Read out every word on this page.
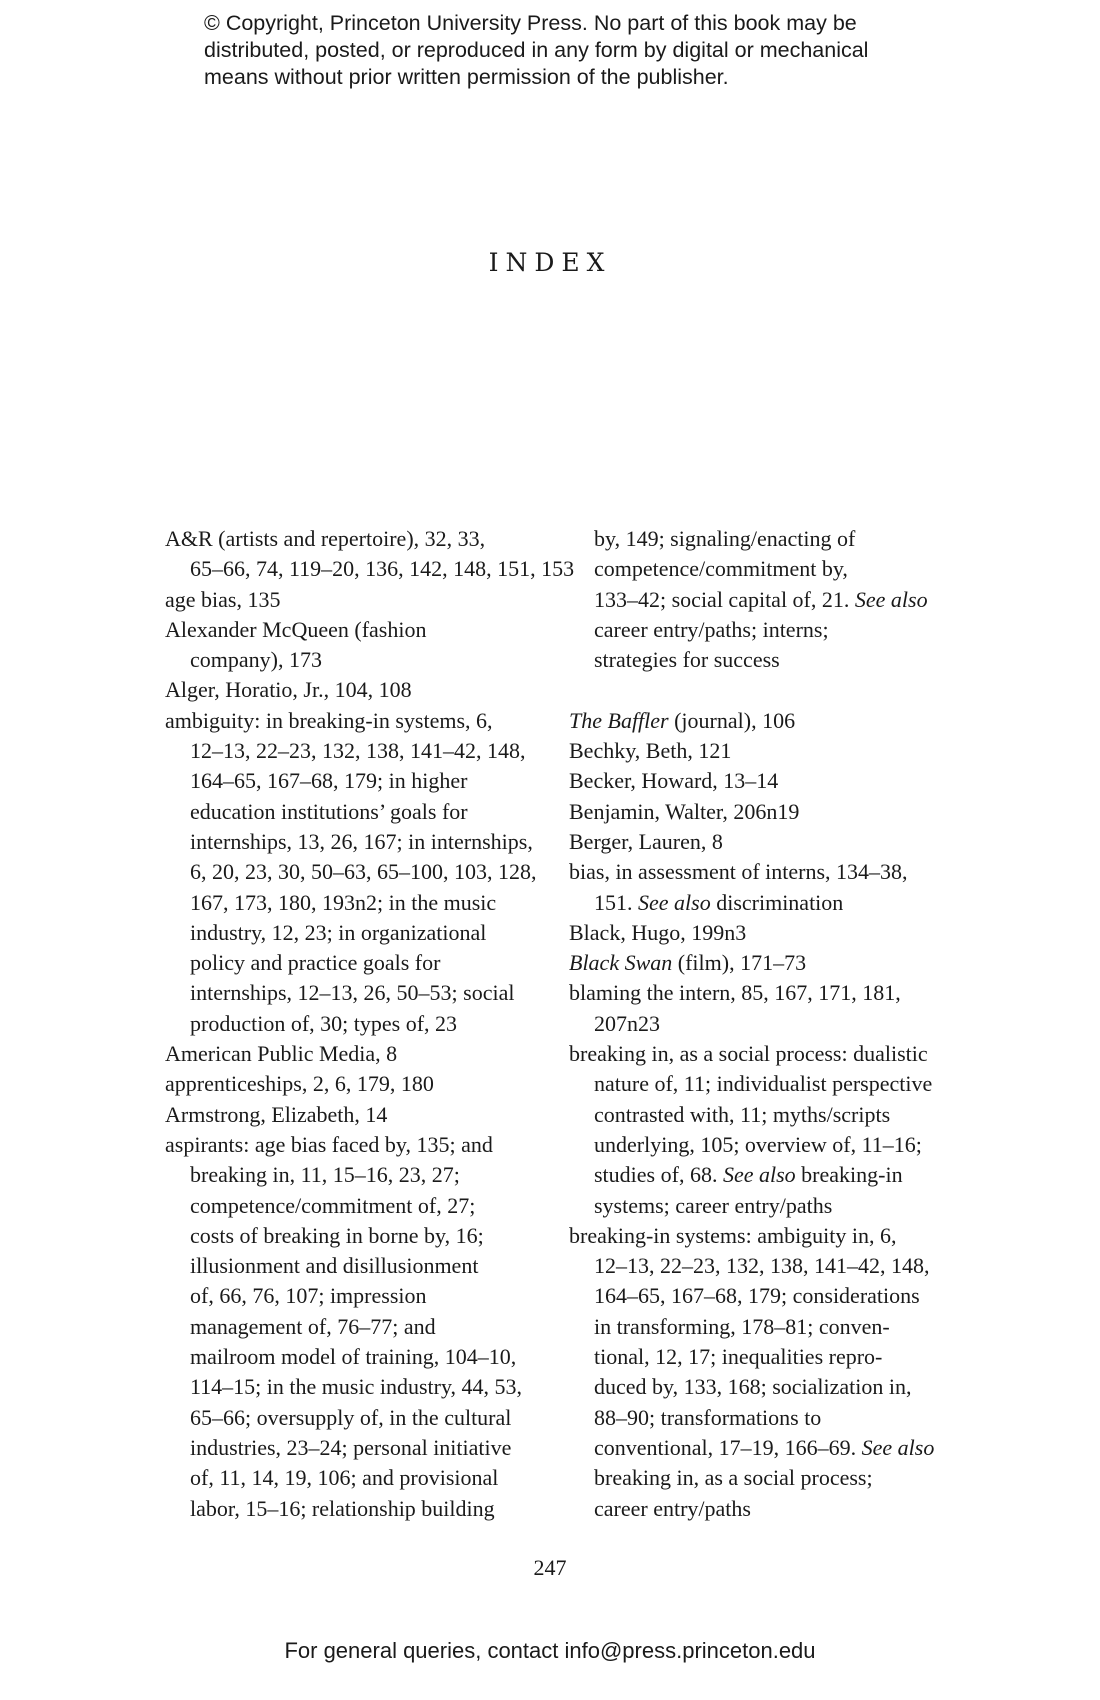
© Copyright, Princeton University Press. No part of this book may be
distributed, posted, or reproduced in any form by digital or mechanical
means without prior written permission of the publisher.
INDEX
A&R (artists and repertoire), 32, 33,
65–66, 74, 119–20, 136, 142, 148, 151, 153
age bias, 135
Alexander McQueen (fashion
company), 173
Alger, Horatio, Jr., 104, 108
ambiguity: in breaking-in systems, 6,
12–13, 22–23, 132, 138, 141–42, 148,
164–65, 167–68, 179; in higher
education institutions’ goals for
internships, 13, 26, 167; in internships,
6, 20, 23, 30, 50–63, 65–100, 103, 128,
167, 173, 180, 193n2; in the music
industry, 12, 23; in organizational
policy and practice goals for
internships, 12–13, 26, 50–53; social
production of, 30; types of, 23
American Public Media, 8
apprenticeships, 2, 6, 179, 180
Armstrong, Elizabeth, 14
aspirants: age bias faced by, 135; and
breaking in, 11, 15–16, 23, 27;
competence/commitment of, 27;
costs of breaking in borne by, 16;
illusionment and disillusionment
of, 66, 76, 107; impression
management of, 76–77; and
mailroom model of training, 104–10,
114–15; in the music industry, 44, 53,
65–66; oversupply of, in the cultural
industries, 23–24; personal initiative
of, 11, 14, 19, 106; and provisional
labor, 15–16; relationship building
by, 149; signaling/enacting of
competence/commitment by,
133–42; social capital of, 21. See also
career entry/paths; interns;
strategies for success
The Baffler (journal), 106
Bechky, Beth, 121
Becker, Howard, 13–14
Benjamin, Walter, 206n19
Berger, Lauren, 8
bias, in assessment of interns, 134–38,
151. See also discrimination
Black, Hugo, 199n3
Black Swan (film), 171–73
blaming the intern, 85, 167, 171, 181,
207n23
breaking in, as a social process: dualistic
nature of, 11; individualist perspective
contrasted with, 11; myths/scripts
underlying, 105; overview of, 11–16;
studies of, 68. See also breaking-in
systems; career entry/paths
breaking-in systems: ambiguity in, 6,
12–13, 22–23, 132, 138, 141–42, 148,
164–65, 167–68, 179; considerations
in transforming, 178–81; conven-
tional, 12, 17; inequalities repro-
duced by, 133, 168; socialization in,
88–90; transformations to
conventional, 17–19, 166–69. See also
breaking in, as a social process;
career entry/paths
247
For general queries, contact info@press.princeton.edu
